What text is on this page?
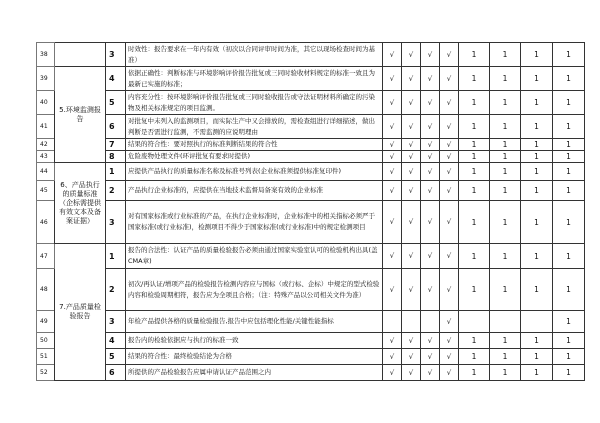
38		3	时效性：报告要求在一年内有效（初次以合同评审时间为准，其它以现场检查时间为基准）	√	√	√	√	1	1	1	1
39	5.环境监测报告	4	依据正确性：判断标准与环境影响评价报告批复或三同时验收材料规定的标准一致且为最新已实施的标准；	√	√	√	√	1	1	1	1
40		5	内容充分性：按环境影响评价报告批复或三同时验收报告或守法证明材料所确定的污染物及相关标准规定的项目监测。	√	√	√	√	1	1	1	1
41		6	对批复中未列入的监测项目，而实际生产中又会排放的，需检查组进行详细描述，做出判断是否需进行监测，不需监测的应说明理由	√	√	√	√	1	1	1	1
42		7	结果的符合性：要对照执行的标准判断结果的符合性	√	√	√	√	1	1	1	1
43		8	危险废物处理文件(环评批复有要求时提供)	√	√	√	√	1	1	1	1
44	6、产品执行的质量标准（企标需提供有效文本及备案证据）	1	应提供产品执行的质量标准名称及标准号列表(企业标准须提供标准复印件)	√	√	√	√	1	1	1	1
45		2	产品执行企业标准的，应提供在当地技术监督局备案有效的企业标准	√	√	√	√	1	1	1	1
46		3	对有国家标准或行业标准的产品，在执行企业标准时，企业标准中的相关指标必须严于国家标准(或行业标准)，检测项目不得少于国家标准(或行业标准)中的规定检测项目	√	√	√	√	1	1	1	1
47	7.产品质量检验报告	1	报告的合法性：认证产品的质量检验报告必须由通过国家实验室认可的检验机构出具(盖CMA章)	√	√	√	√	1	1	1	1
48		2	初次/再认证/增项产品的检验报告检测内容应与国标（或行标、企标）中规定的型式检验内容和检验周期相符，报告应为全项且合格；（注：特殊产品以公司相关文件为准）	√	√	√	√	1	1	1	1
49		3	年检产品提供各格的质量检验报告,报告中应包括理化性能/关键性能指标				√				1
50		4	报告内的检验依据应与执行的标准一致	√	√	√	√	1	1	1	1
51		5	结果的符合性：最终检验结论为合格	√	√	√	√	1	1	1	1
52		6	所提供的产品检验报告应属申请认证产品范围之内	√	√	√	√	1	1	1	1
